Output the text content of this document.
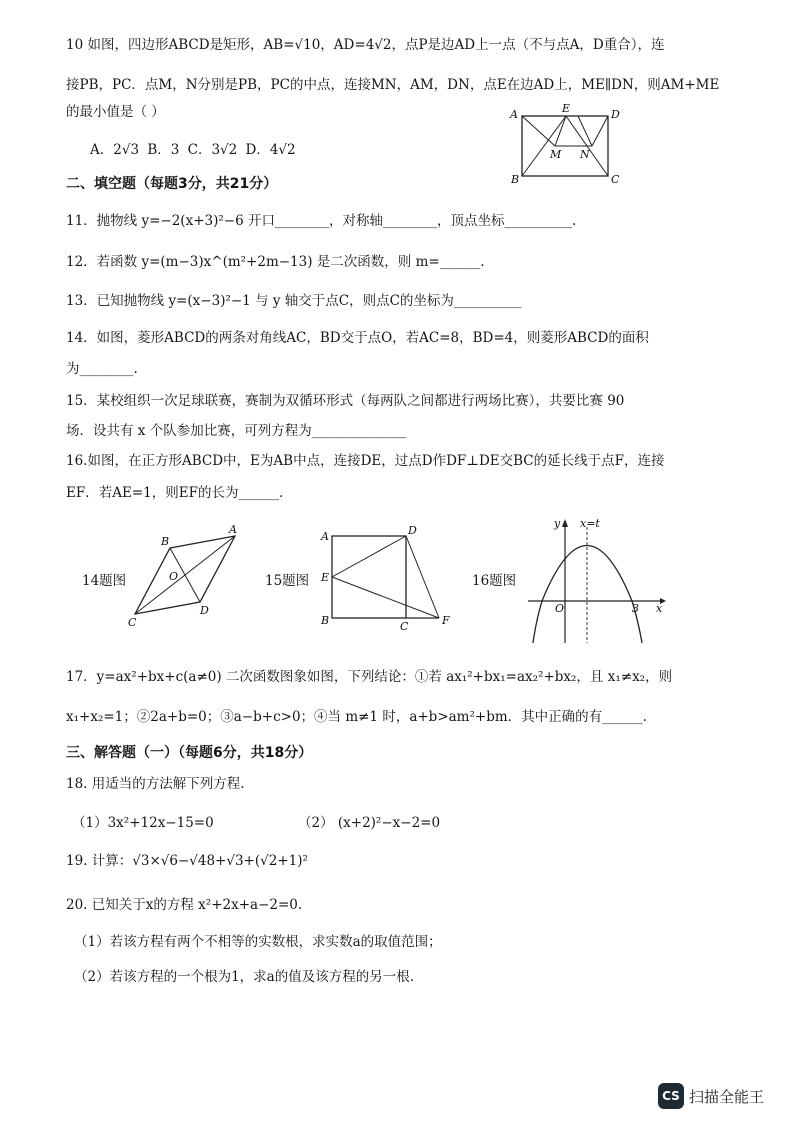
10 如图，四边形ABCD是矩形，AB=√10，AD=4√2，点P是边AD上一点（不与点A，D重合），连
接PB，PC．点M，N分别是PB，PC的中点，连接MN，AM，DN，点E在边AD上，ME∥DN，则AM+ME
的最小值是（ ）
A．2√3 B．3 C．3√2 D．4√2
A	E	D
M N
B	C
二、填空题（每题3分，共21分）
11．抛物线 y=−2(x+3)²−6 开口________，对称轴________，顶点坐标__________.
12．若函数 y=(m−3)x^(m²+2m−13) 是二次函数，则 m=______.
13．已知抛物线 y=(x−3)²−1 与 y 轴交于点C，则点C的坐标为__________
14．如图，菱形ABCD的两条对角线AC，BD交于点O，若AC=8，BD=4，则菱形ABCD的面积
为________.
15．某校组织一次足球联赛，赛制为双循环形式（每两队之间都进行两场比赛），共要比赛 90
场．设共有 x 个队参加比赛，可列方程为______________
16.如图，在正方形ABCD中，E为AB中点，连接DE，过点D作DF⊥DE交BC的延长线于点F，连接
EF．若AE=1，则EF的长为______.
14题图	15题图	16题图
B
A
O
D
C
A	D
E
B	C	F
y x=t
O	3 x
17．y=ax²+bx+c(a≠0) 二次函数图象如图，下列结论：①若 ax₁²+bx₁=ax₂²+bx₂，且 x₁≠x₂，则
x₁+x₂=1；②2a+b=0；③a−b+c>0；④当 m≠1 时，a+b>am²+bm．其中正确的有______.
三、解答题（一）（每题6分，共18分）
18. 用适当的方法解下列方程.
（1）3x²+12x−15=0	（2） (x+2)²−x−2=0
19. 计算：√3×√6−√48+√3+(√2+1)²
20. 已知关于x的方程 x²+2x+a−2=0.
（1）若该方程有两个不相等的实数根，求实数a的取值范围；
（2）若该方程的一个根为1，求a的值及该方程的另一根.
CS 扫描全能王
